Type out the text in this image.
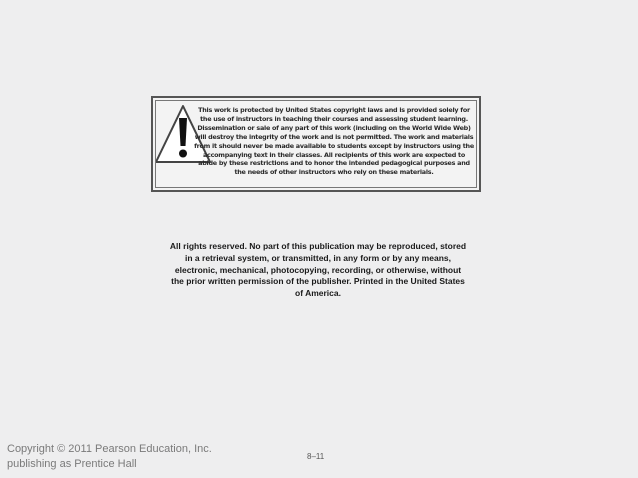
This work is protected by United States copyright laws and is provided solely for the use of instructors in teaching their courses and assessing student learning. Dissemination or sale of any part of this work (including on the World Wide Web) will destroy the integrity of the work and is not permitted. The work and materials from it should never be made available to students except by instructors using the accompanying text in their classes. All recipients of this work are expected to abide by these restrictions and to honor the intended pedagogical purposes and the needs of other instructors who rely on these materials.

All rights reserved. No part of this publication may be reproduced, stored in a retrieval system, or transmitted, in any form or by any means, electronic, mechanical, photocopying, recording, or otherwise, without the prior written permission of the publisher. Printed in the United States of America.

Copyright © 2011 Pearson Education, Inc. publishing as Prentice Hall

8–11
